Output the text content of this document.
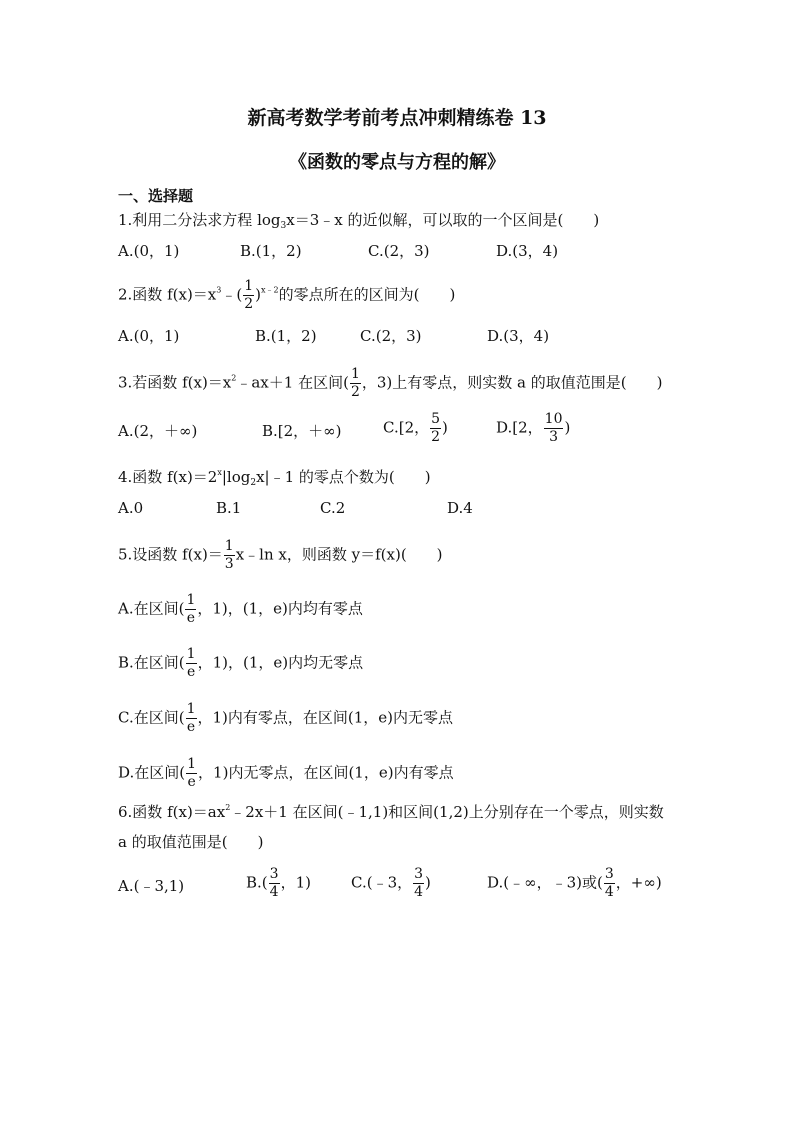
新高考数学考前考点冲刺精练卷 13
《函数的零点与方程的解》
一、选择题
1.利用二分法求方程 $\log_3x=3﹣x$ 的近似解，可以取的一个区间是(　　)
A.(0，1)	B.(1，2)	C.(2，3)	D.(3，4)
2.函数 $f(x)=x^3﹣( \frac{1}{2} )^{x﹣2}$的零点所在的区间为(　　)
A.(0，1)	B.(1，2)	C.(2，3)	D.(3，4)
3.若函数 $f(x)=x^2﹣ax+1$ 在区间( $\frac{1}{2}$ ，3)上有零点，则实数 a 的取值范围是(　　)
A.(2，＋∞)	B.[2，＋∞)	C.[2， $\frac{5}{2}$ )	D.[2， $\frac{10}{3}$ )
4.函数 $f(x)=2^x|\log_2x|﹣1$ 的零点个数为(　　)
A.0	B.1	C.2	D.4
5.设函数 $f(x)= \frac{1}{3}$ x﹣ln x，则函数 y＝f(x)(　　)
A.在区间( $\frac{1}{e}$ ，1)，(1，e)内均有零点
B.在区间( $\frac{1}{e}$ ，1)，(1，e)内均无零点
C.在区间( $\frac{1}{e}$ ，1)内有零点，在区间(1，e)内无零点
D.在区间( $\frac{1}{e}$ ，1)内无零点，在区间(1，e)内有零点
6.函数 $f(x)=ax^2﹣2x+1$ 在区间(﹣1,1)和区间(1,2)上分别存在一个零点，则实数
a 的取值范围是(　　)
A.(﹣3,1)	$B.( \frac{3}{4}$ ，1)	C.(﹣3， $\frac{3}{4}$ )	D.(﹣∞，﹣3)或( $\frac{3}{4}$ ，+∞)
